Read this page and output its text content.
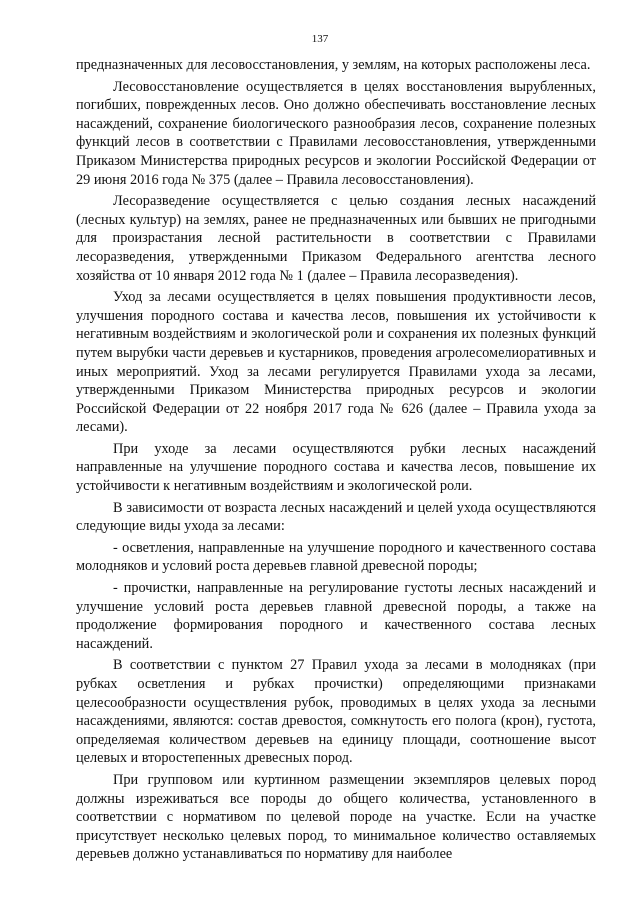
137

предназначенных для лесовосстановления, у землям, на которых расположены леса.

Лесовосстановление осуществляется в целях восстановления вырубленных, погибших, поврежденных лесов. Оно должно обеспечивать восстановление лесных насаждений, сохранение биологического разнообразия лесов, сохранение полезных функций лесов в соответствии с Правилами лесовосстановления, утвержденными Приказом Министерства природных ресурсов и экологии Российской Федерации от 29 июня 2016 года № 375 (далее – Правила лесовосстановления).

Лесоразведение осуществляется с целью создания лесных насаждений (лесных культур) на землях, ранее не предназначенных или бывших не пригодными для произрастания лесной растительности в соответствии с Правилами лесоразведения, утвержденными Приказом Федерального агентства лесного хозяйства от 10 января 2012 года № 1 (далее – Правила лесоразведения).

Уход за лесами осуществляется в целях повышения продуктивности лесов, улучшения породного состава и качества лесов, повышения их устойчивости к негативным воздействиям и экологической роли и сохранения их полезных функций путем вырубки части деревьев и кустарников, проведения агролесомелиоративных и иных мероприятий. Уход за лесами регулируется Правилами ухода за лесами, утвержденными Приказом Министерства природных ресурсов и экологии Российской Федерации от 22 ноября 2017 года № 626 (далее – Правила ухода за лесами).

При уходе за лесами осуществляются рубки лесных насаждений направленные на улучшение породного состава и качества лесов, повышение их устойчивости к негативным воздействиям и экологической роли.

В зависимости от возраста лесных насаждений и целей ухода осуществляются следующие виды ухода за лесами:

- осветления, направленные на улучшение породного и качественного состава молодняков и условий роста деревьев главной древесной породы;

- прочистки, направленные на регулирование густоты лесных насаждений и улучшение условий роста деревьев главной древесной породы, а также на продолжение формирования породного и качественного состава лесных насаждений.

В соответствии с пунктом 27 Правил ухода за лесами в молодняках (при рубках осветления и рубках прочистки) определяющими признаками целесообразности осуществления рубок, проводимых в целях ухода за лесными насаждениями, являются: состав древостоя, сомкнутость его полога (крон), густота, определяемая количеством деревьев на единицу площади, соотношение высот целевых и второстепенных древесных пород.

При групповом или куртинном размещении экземпляров целевых пород должны изреживаться все породы до общего количества, установленного в соответствии с нормативом по целевой породе на участке. Если на участке присутствует несколько целевых пород, то минимальное количество оставляемых деревьев должно устанавливаться по нормативу для наиболее
